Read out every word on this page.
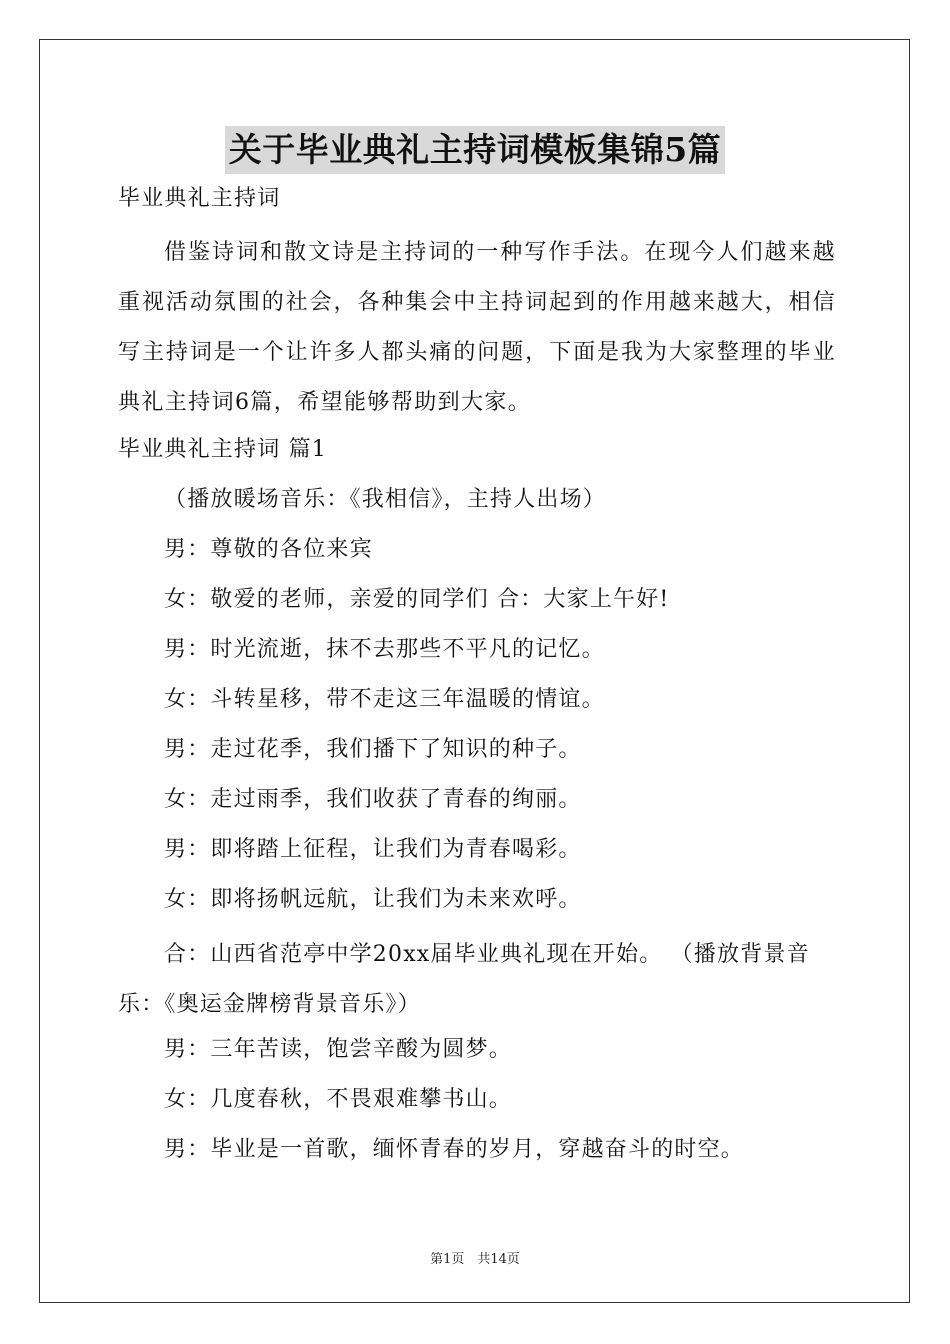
关于毕业典礼主持词模板集锦5篇
毕业典礼主持词
借鉴诗词和散文诗是主持词的一种写作手法。在现今人们越来越重视活动氛围的社会，各种集会中主持词起到的作用越来越大，相信写主持词是一个让许多人都头痛的问题，下面是我为大家整理的毕业典礼主持词6篇，希望能够帮助到大家。
毕业典礼主持词 篇1
（播放暖场音乐：《我相信》，主持人出场）
男：尊敬的各位来宾
女：敬爱的老师，亲爱的同学们 合：大家上午好!
男：时光流逝，抹不去那些不平凡的记忆。
女：斗转星移，带不走这三年温暖的情谊。
男：走过花季，我们播下了知识的种子。
女：走过雨季，我们收获了青春的绚丽。
男：即将踏上征程，让我们为青春喝彩。
女：即将扬帆远航，让我们为未来欢呼。
合：山西省范亭中学20xx届毕业典礼现在开始。 （播放背景音乐：《奥运金牌榜背景音乐》）
男：三年苦读，饱尝辛酸为圆梦。
女：几度春秋，不畏艰难攀书山。
男：毕业是一首歌，缅怀青春的岁月，穿越奋斗的时空。
第1页　共14页
